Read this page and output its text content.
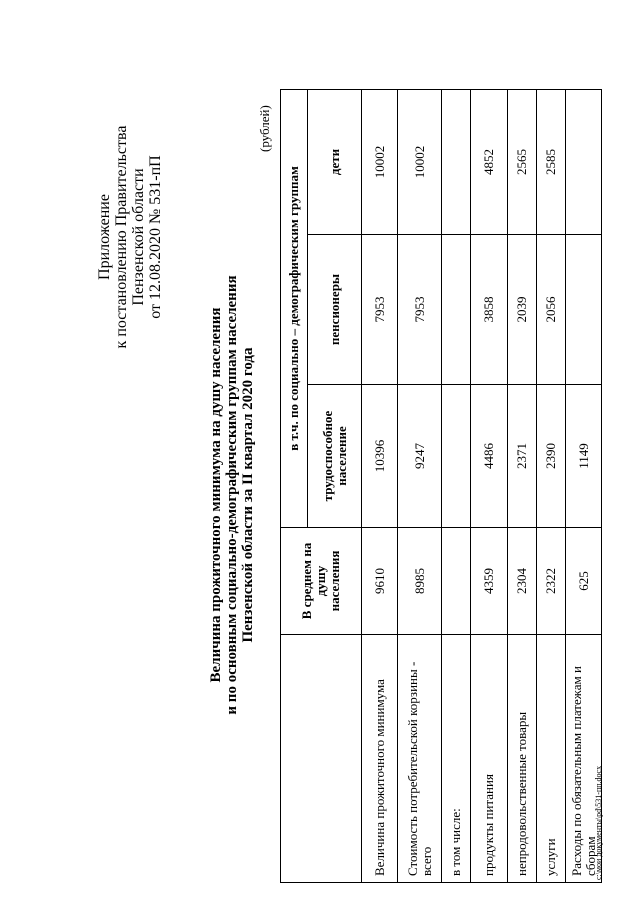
Приложение к постановлению Правительства Пензенской области от 12.08.2020 № 531-пП
Величина прожиточного минимума на душу населения и по основным социально-демографическим группам населения Пензенской области за II квартал 2020 года
(рублей)
	В среднем на душу населения	в т.ч. по социально – демографическим группам		
		трудоспособное население	пенсионеры	дети
Величина прожиточного минимума	9610	10396	7953	10002
Стоимость потребительской корзины - всего	8985	9247	7953	10002
в том числе:				
продукты питания	4359	4486	3858	4852
непродовольственные товары	2304	2371	2039	2565
услуги	2322	2390	2056	2585
Расходы по обязательным платежам и сборам	625	1149		
с:\мои документы\pd\531-пп.docx
